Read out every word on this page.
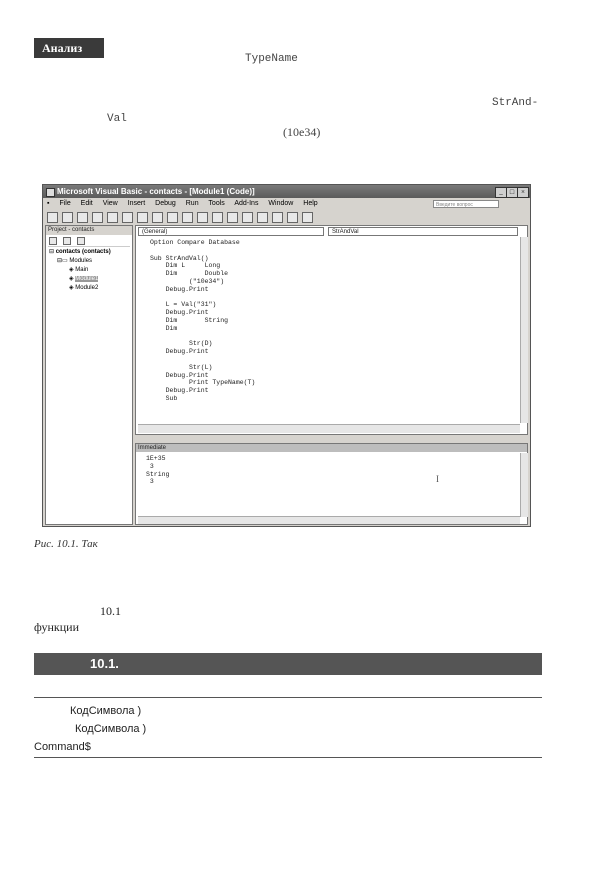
Анализ
TypeName
StrAnd-
Val
(10e34)
Microsoft Visual Basic - contacts - [Module1 (Code)]	_	□ ×
▪ File Edit View Insert Debug Run Tools Add-Ins Window Help	Введите вопрос

Project - contacts

⊟ contacts (contacts)
⊟▭ Modules
◈ Main
◈ Module1
◈ Module2
(General)	StrAndVal
Option Compare Database

Sub StrAndVal()
Dim L     Long
Dim       Double
("10e34")
Debug.Print

L = Val("31")
Debug.Print
Dim       String
Dim

Str(D)
Debug.Print

Str(L)
Debug.Print
Print TypeName(T)
Debug.Print
Sub
Immediate
1E+35
3
String
3	I
Рис. 10.1. Так
10.1
функции
10.1.
КодСимвола )
КодСимвола )
Command$
